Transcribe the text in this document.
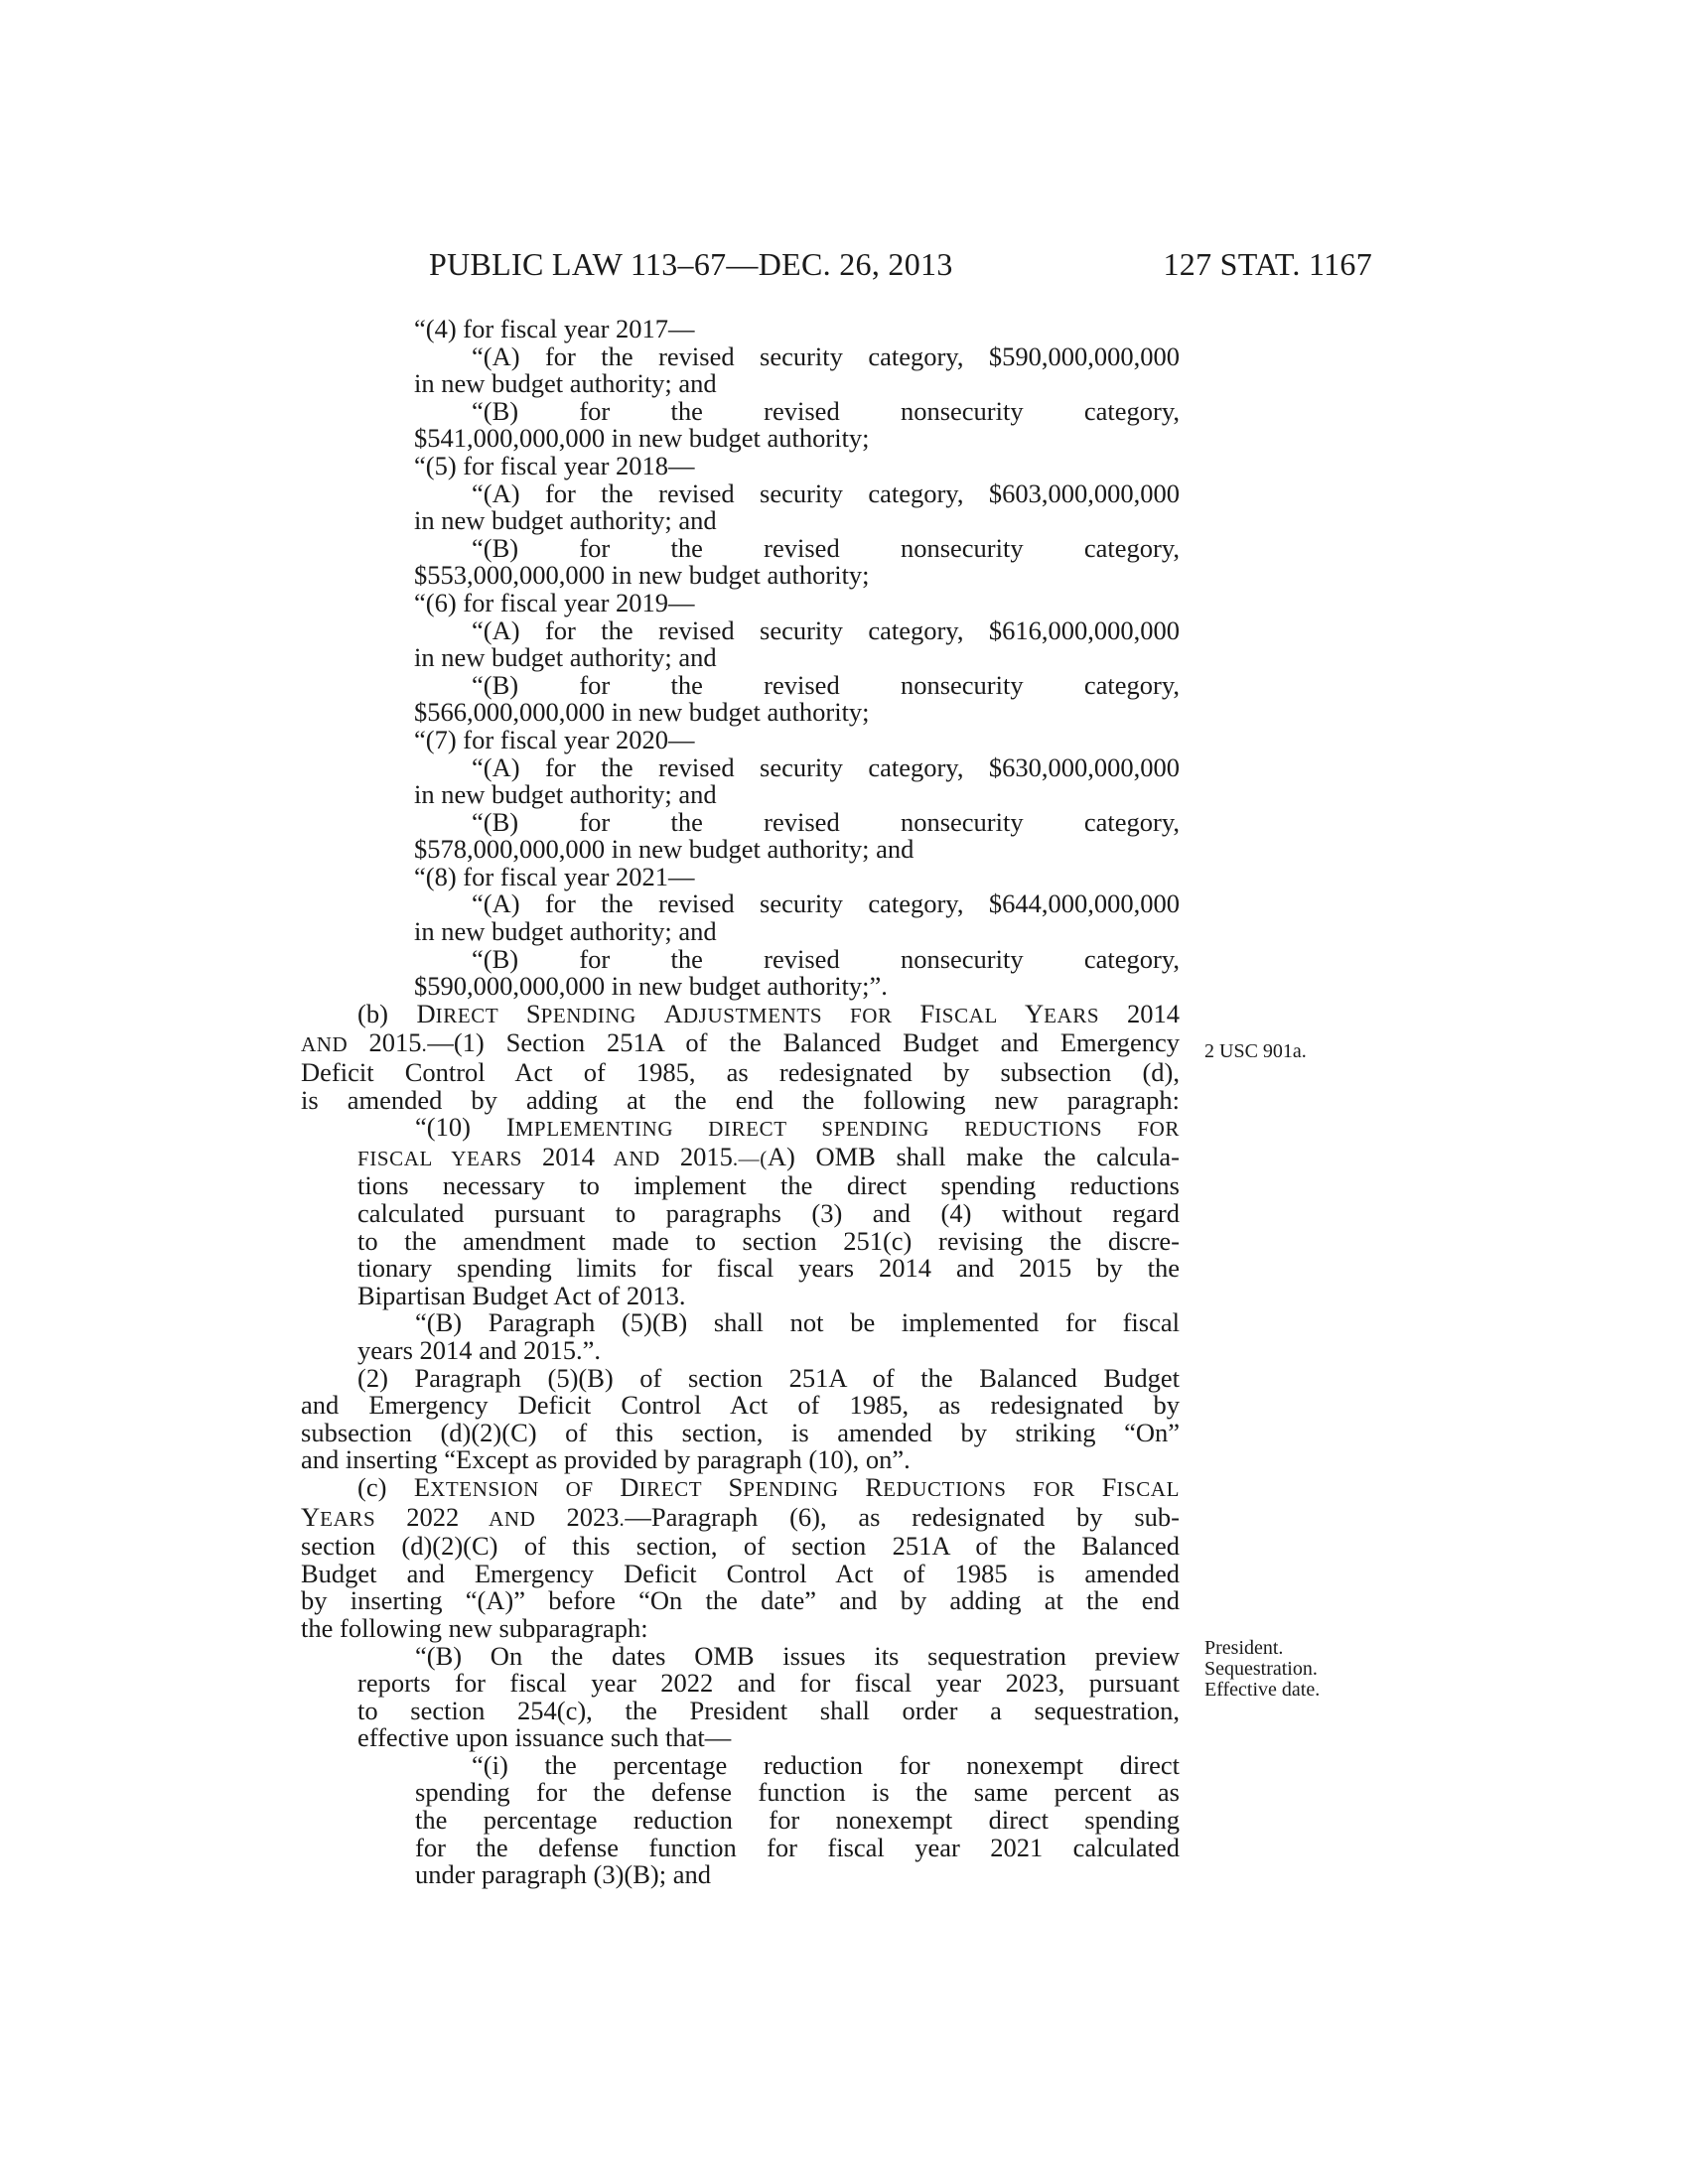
PUBLIC LAW 113–67—DEC. 26, 2013	127 STAT. 1167
“(4) for fiscal year 2017—
“(A) for the revised security category, $590,000,000,000
in new budget authority; and
“(B) for the revised nonsecurity category,
$541,000,000,000 in new budget authority;
“(5) for fiscal year 2018—
“(A) for the revised security category, $603,000,000,000
in new budget authority; and
“(B) for the revised nonsecurity category,
$553,000,000,000 in new budget authority;
“(6) for fiscal year 2019—
“(A) for the revised security category, $616,000,000,000
in new budget authority; and
“(B) for the revised nonsecurity category,
$566,000,000,000 in new budget authority;
“(7) for fiscal year 2020—
“(A) for the revised security category, $630,000,000,000
in new budget authority; and
“(B) for the revised nonsecurity category,
$578,000,000,000 in new budget authority; and
“(8) for fiscal year 2021—
“(A) for the revised security category, $644,000,000,000
in new budget authority; and
“(B) for the revised nonsecurity category,
$590,000,000,000 in new budget authority;”.
(b) DIRECT SPENDING ADJUSTMENTS FOR FISCAL YEARS 2014
AND 2015.—(1) Section 251A of the Balanced Budget and Emergency
Deficit Control Act of 1985, as redesignated by subsection (d),
is amended by adding at the end the following new paragraph:
“(10) IMPLEMENTING DIRECT SPENDING REDUCTIONS FOR
FISCAL YEARS 2014 AND 2015.—(A) OMB shall make the calcula-
tions necessary to implement the direct spending reductions
calculated pursuant to paragraphs (3) and (4) without regard
to the amendment made to section 251(c) revising the discre-
tionary spending limits for fiscal years 2014 and 2015 by the
Bipartisan Budget Act of 2013.
“(B) Paragraph (5)(B) shall not be implemented for fiscal
years 2014 and 2015.”.
(2) Paragraph (5)(B) of section 251A of the Balanced Budget
and Emergency Deficit Control Act of 1985, as redesignated by
subsection (d)(2)(C) of this section, is amended by striking “On”
and inserting “Except as provided by paragraph (10), on”.
(c) EXTENSION OF DIRECT SPENDING REDUCTIONS FOR FISCAL
YEARS 2022 AND 2023.—Paragraph (6), as redesignated by sub-
section (d)(2)(C) of this section, of section 251A of the Balanced
Budget and Emergency Deficit Control Act of 1985 is amended
by inserting “(A)” before “On the date” and by adding at the end
the following new subparagraph:
“(B) On the dates OMB issues its sequestration preview
reports for fiscal year 2022 and for fiscal year 2023, pursuant
to section 254(c), the President shall order a sequestration,
effective upon issuance such that—
“(i) the percentage reduction for nonexempt direct
spending for the defense function is the same percent as
the percentage reduction for nonexempt direct spending
for the defense function for fiscal year 2021 calculated
under paragraph (3)(B); and
2 USC 901a.
President.
Sequestration.
Effective date.
